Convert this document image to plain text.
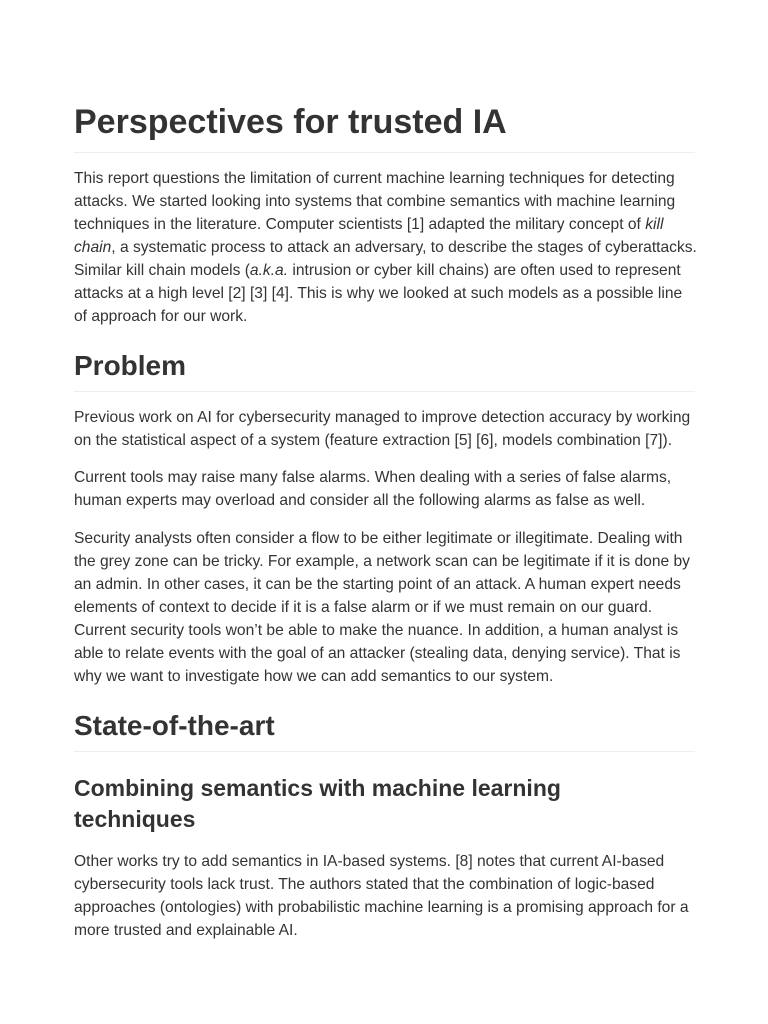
Perspectives for trusted IA

This report questions the limitation of current machine learning techniques for detecting attacks. We started looking into systems that combine semantics with machine learning techniques in the literature. Computer scientists [1] adapted the military concept of kill chain, a systematic process to attack an adversary, to describe the stages of cyberattacks. Similar kill chain models (a.k.a. intrusion or cyber kill chains) are often used to represent attacks at a high level [2] [3] [4]. This is why we looked at such models as a possible line of approach for our work.

Problem

Previous work on AI for cybersecurity managed to improve detection accuracy by working on the statistical aspect of a system (feature extraction [5] [6], models combination [7]).

Current tools may raise many false alarms. When dealing with a series of false alarms, human experts may overload and consider all the following alarms as false as well.

Security analysts often consider a flow to be either legitimate or illegitimate. Dealing with the grey zone can be tricky. For example, a network scan can be legitimate if it is done by an admin. In other cases, it can be the starting point of an attack. A human expert needs elements of context to decide if it is a false alarm or if we must remain on our guard. Current security tools won’t be able to make the nuance. In addition, a human analyst is able to relate events with the goal of an attacker (stealing data, denying service). That is why we want to investigate how we can add semantics to our system.

State-of-the-art
Combining semantics with machine learning techniques

Other works try to add semantics in IA-based systems. [8] notes that current AI-based cybersecurity tools lack trust. The authors stated that the combination of logic-based approaches (ontologies) with probabilistic machine learning is a promising approach for a more trusted and explainable AI.
